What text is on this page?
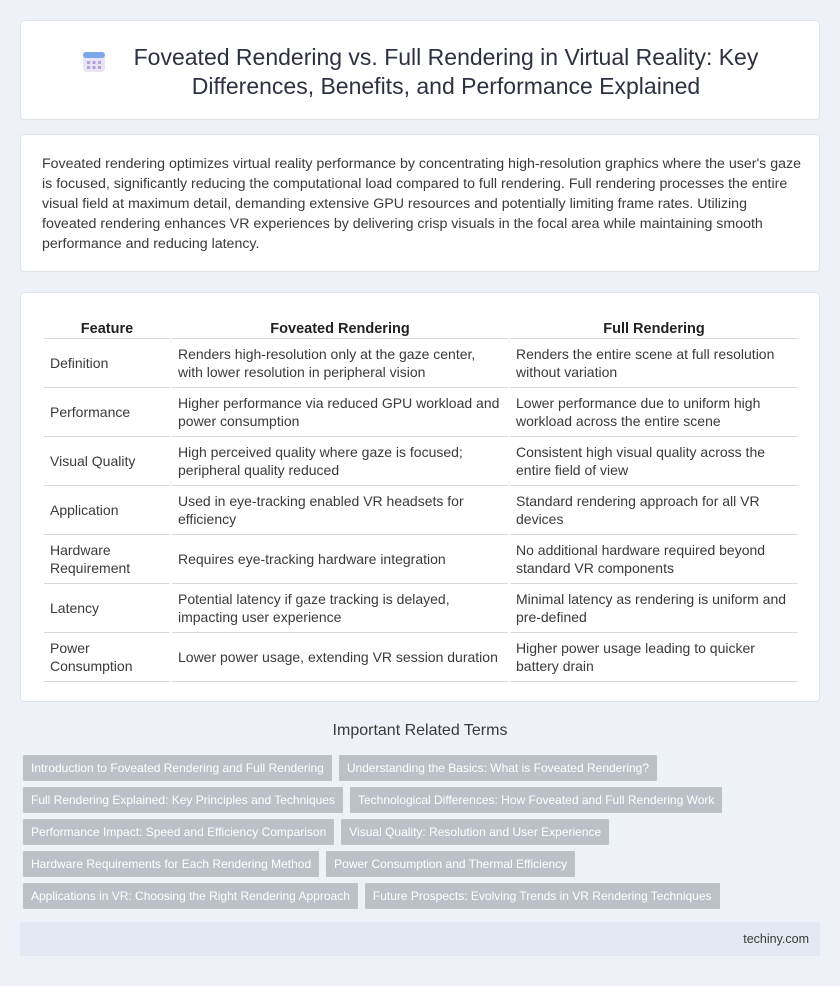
Foveated Rendering vs. Full Rendering in Virtual Reality: Key Differences, Benefits, and Performance Explained

Foveated rendering optimizes virtual reality performance by concentrating high-resolution graphics where the user's gaze is focused, significantly reducing the computational load compared to full rendering. Full rendering processes the entire visual field at maximum detail, demanding extensive GPU resources and potentially limiting frame rates. Utilizing foveated rendering enhances VR experiences by delivering crisp visuals in the focal area while maintaining smooth performance and reducing latency.

Feature	Foveated Rendering	Full Rendering
Definition	Renders high-resolution only at the gaze center, with lower resolution in peripheral vision	Renders the entire scene at full resolution without variation
Performance	Higher performance via reduced GPU workload and power consumption	Lower performance due to uniform high workload across the entire scene
Visual Quality	High perceived quality where gaze is focused; peripheral quality reduced	Consistent high visual quality across the entire field of view
Application	Used in eye-tracking enabled VR headsets for efficiency	Standard rendering approach for all VR devices
Hardware Requirement	Requires eye-tracking hardware integration	No additional hardware required beyond standard VR components
Latency	Potential latency if gaze tracking is delayed, impacting user experience	Minimal latency as rendering is uniform and pre-defined
Power Consumption	Lower power usage, extending VR session duration	Higher power usage leading to quicker battery drain
Important Related Terms
Introduction to Foveated Rendering and Full Rendering	Understanding the Basics: What is Foveated Rendering?
Full Rendering Explained: Key Principles and Techniques	Technological Differences: How Foveated and Full Rendering Work
Performance Impact: Speed and Efficiency Comparison	Visual Quality: Resolution and User Experience
Hardware Requirements for Each Rendering Method	Power Consumption and Thermal Efficiency
Applications in VR: Choosing the Right Rendering Approach	Future Prospects: Evolving Trends in VR Rendering Techniques
techiny.com
